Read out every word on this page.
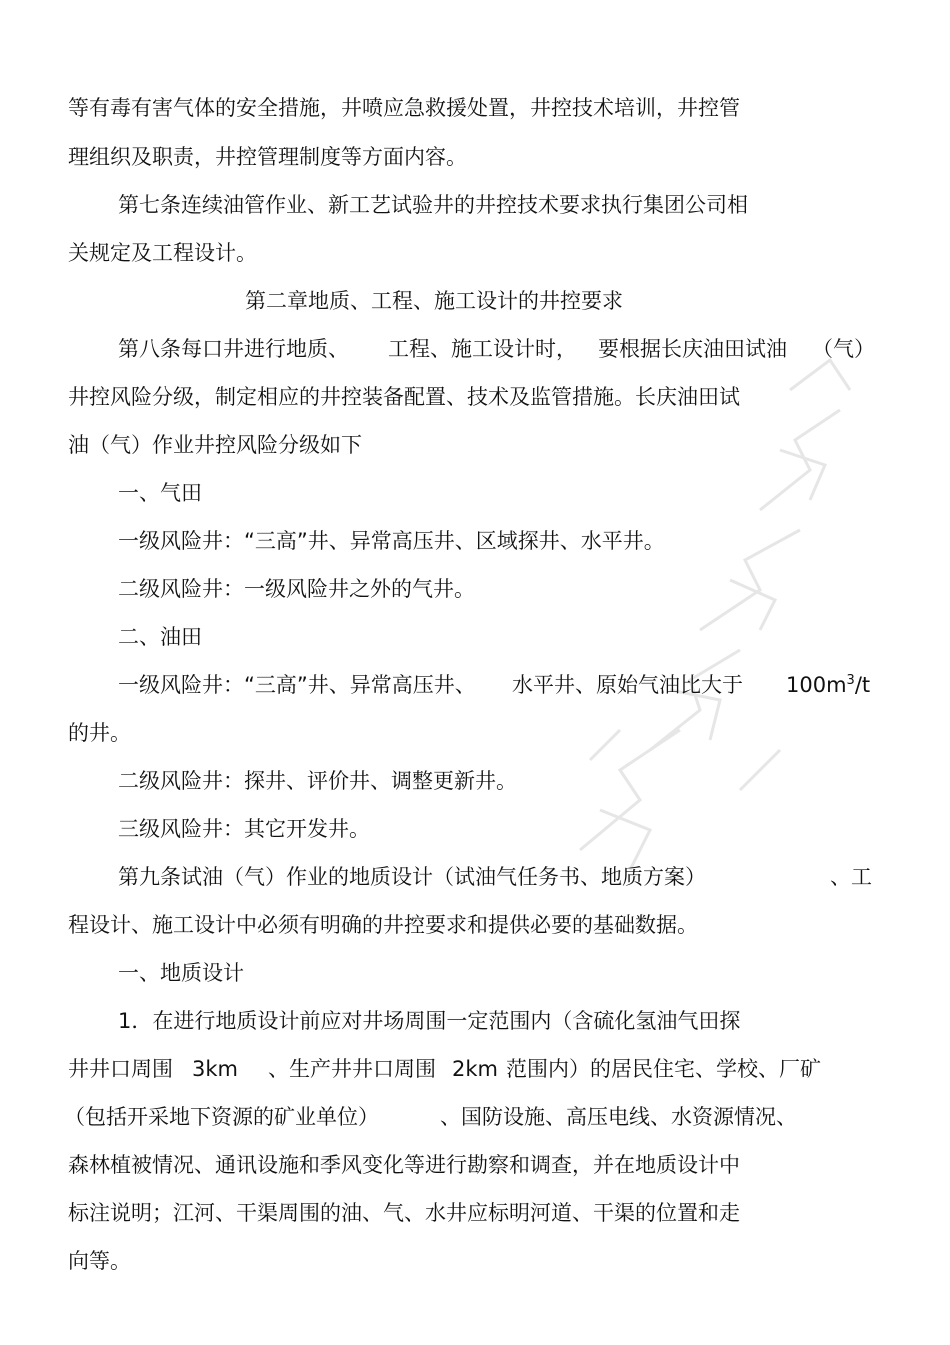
等有毒有害气体的安全措施，井喷应急救援处置，井控技术培训，井控管
理组织及职责，井控管理制度等方面内容。
第七条连续油管作业、新工艺试验井的井控技术要求执行集团公司相
关规定及工程设计。
第二章地质、工程、施工设计的井控要求
第八条每口井进行地质、 工程、施工设计时， 要根据长庆油田试油 （气）
井控风险分级，制定相应的井控装备配置、技术及监管措施。长庆油田试
油（气）作业井控风险分级如下
一、气田
一级风险井：“三高”井、异常高压井、区域探井、水平井。
二级风险井：一级风险井之外的气井。
二、油田
一级风险井：“三高”井、异常高压井、 水平井、原始气油比大于 $100m^3/t$
的井。
二级风险井：探井、评价井、调整更新井。
三级风险井：其它开发井。
第九条试油（气）作业的地质设计（试油气任务书、地质方案）	、工
程设计、施工设计中必须有明确的井控要求和提供必要的基础数据。
一、地质设计
1．在进行地质设计前应对井场周围一定范围内（含硫化氢油气田探
井井口周围 3km 、生产井井口周围 2km 范围内）的居民住宅、学校、厂矿
（包括开采地下资源的矿业单位）	、国防设施、高压电线、水资源情况、
森林植被情况、通讯设施和季风变化等进行勘察和调查，并在地质设计中
标注说明；江河、干渠周围的油、气、水井应标明河道、干渠的位置和走
向等。
